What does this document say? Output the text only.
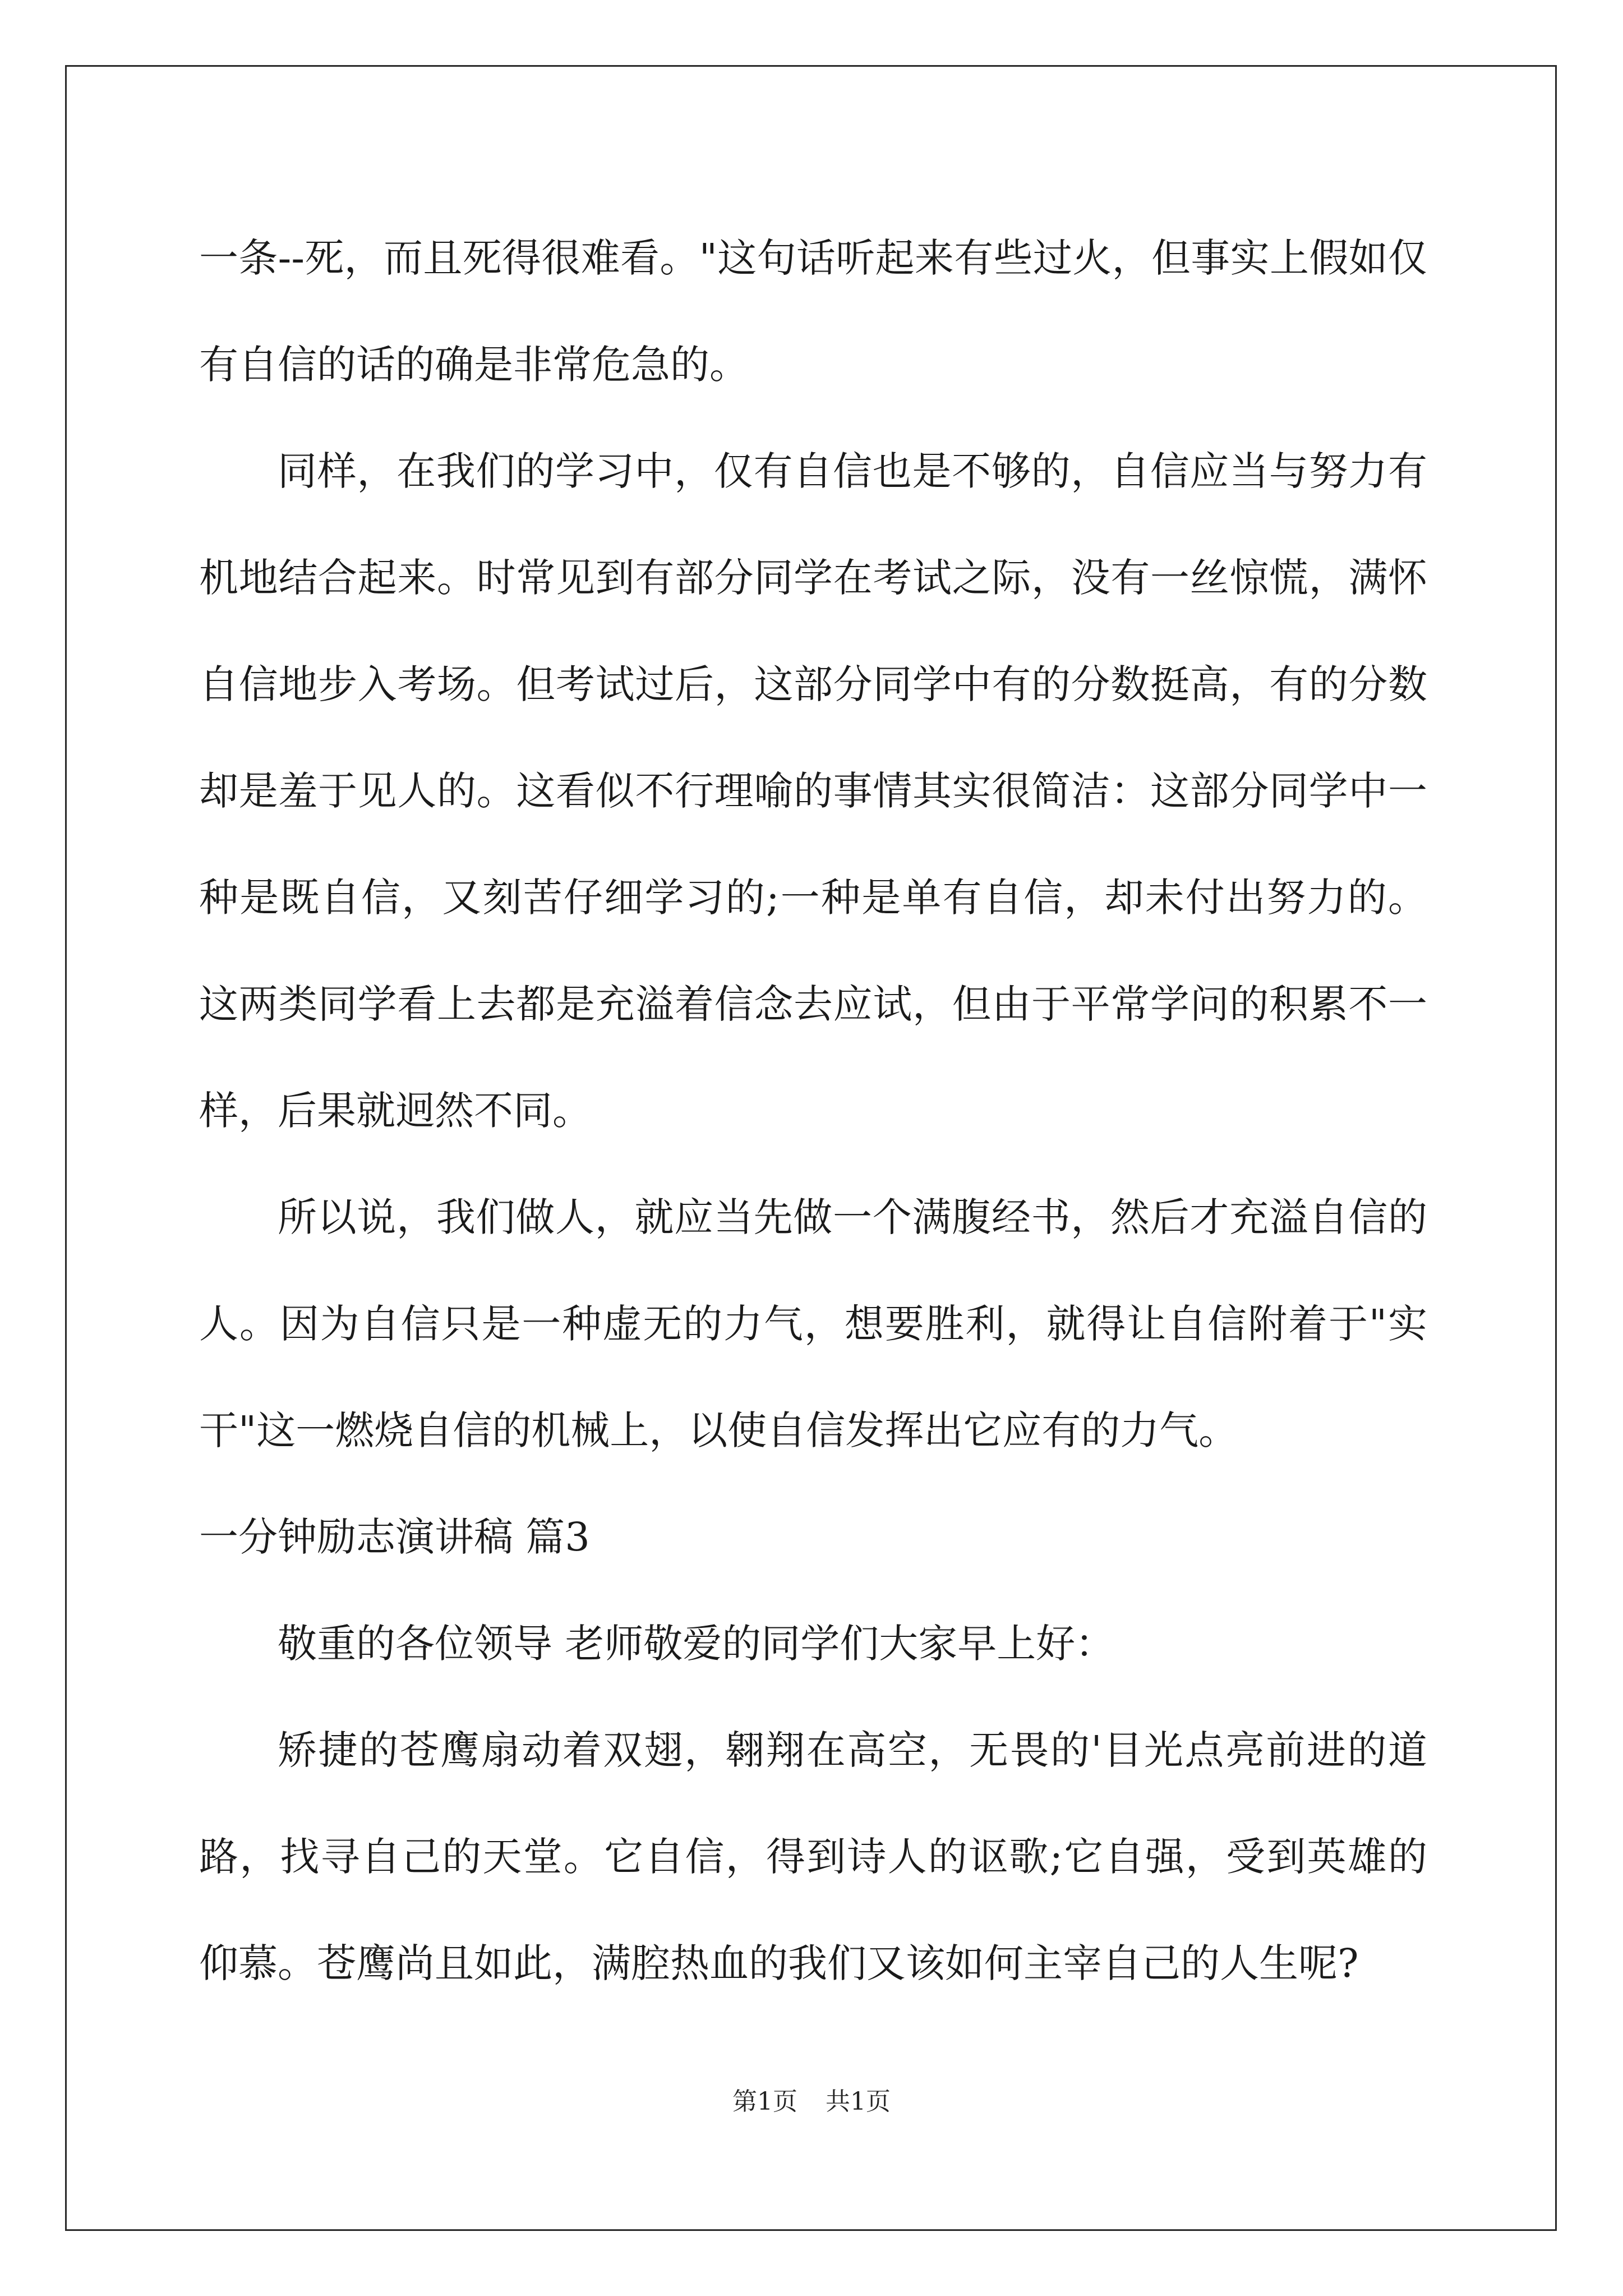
一条--死，而且死得很难看。"这句话听起来有些过火，但事实上假如仅有自信的话的确是非常危急的。

同样，在我们的学习中，仅有自信也是不够的，自信应当与努力有机地结合起来。时常见到有部分同学在考试之际，没有一丝惊慌，满怀自信地步入考场。但考试过后，这部分同学中有的分数挺高，有的分数却是羞于见人的。这看似不行理喻的事情其实很简洁：这部分同学中一种是既自信，又刻苦仔细学习的;一种是单有自信，却未付出努力的。这两类同学看上去都是充溢着信念去应试，但由于平常学问的积累不一样，后果就迥然不同。

所以说，我们做人，就应当先做一个满腹经书，然后才充溢自信的人。因为自信只是一种虚无的力气，想要胜利，就得让自信附着于"实干"这一燃烧自信的机械上，以使自信发挥出它应有的力气。

一分钟励志演讲稿 篇3

敬重的各位领导 老师敬爱的同学们大家早上好：

矫捷的苍鹰扇动着双翅，翱翔在高空，无畏的'目光点亮前进的道路，找寻自己的天堂。它自信，得到诗人的讴歌;它自强，受到英雄的仰慕。苍鹰尚且如此，满腔热血的我们又该如何主宰自己的人生呢?

第1页 共1页
